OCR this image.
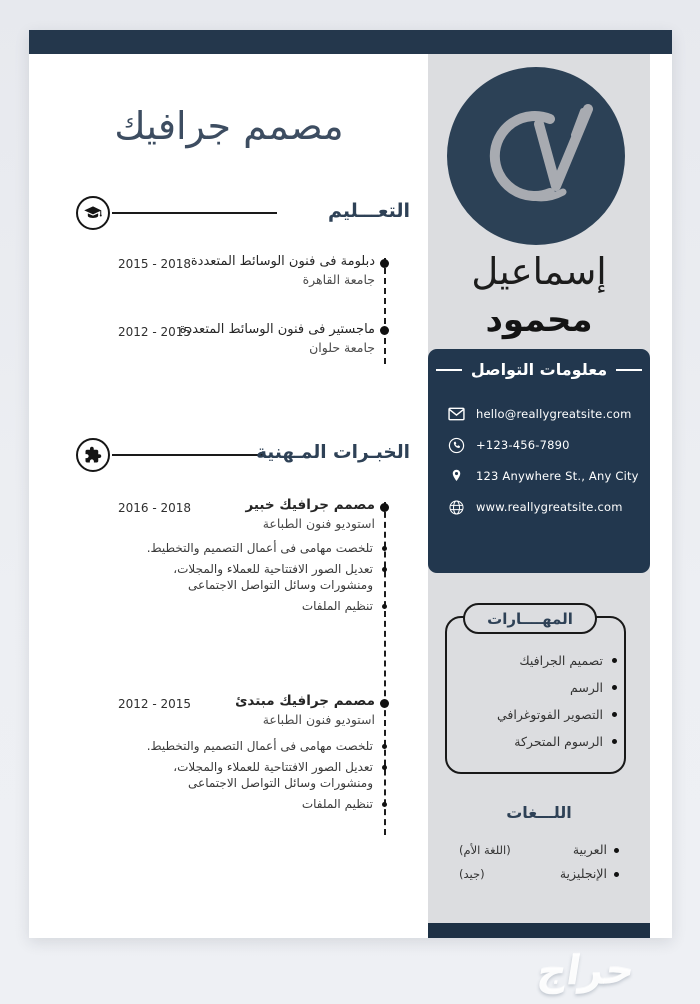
مصمم جرافيك
التعـــليم
دبلومة فى فنون الوسائط المتعددة
جامعة القاهرة
2015 - 2018
ماجستير فى فنون الوسائط المتعددة
جامعة حلوان
2012 - 2015
الخبـرات المـهنية
مصمم جرافيك خبير
استوديو فنون الطباعة
2016 - 2018
تلخصت مهامى فى أعمال التصميم والتخطيط.
تعديل الصور الافتتاحية للعملاء والمجلات، ومنشورات وسائل التواصل الاجتماعى
تنظيم الملفات
مصمم جرافيك مبتدئ
استوديو فنون الطباعة
2012 - 2015
تلخصت مهامى فى أعمال التصميم والتخطيط.
تعديل الصور الافتتاحية للعملاء والمجلات، ومنشورات وسائل التواصل الاجتماعى
تنظيم الملفات
إسماعيل
محمود
معلومات التواصل
hello@reallygreatsite.com
+123-456-7890
123 Anywhere St., Any City
www.reallygreatsite.com
المهــــارات
تصميم الجرافيك
الرسم
التصوير الفوتوغرافي
الرسوم المتحركة
اللـــغات
العربية
(اللغة الأم)
الإنجليزية
(جيد)
حراج
